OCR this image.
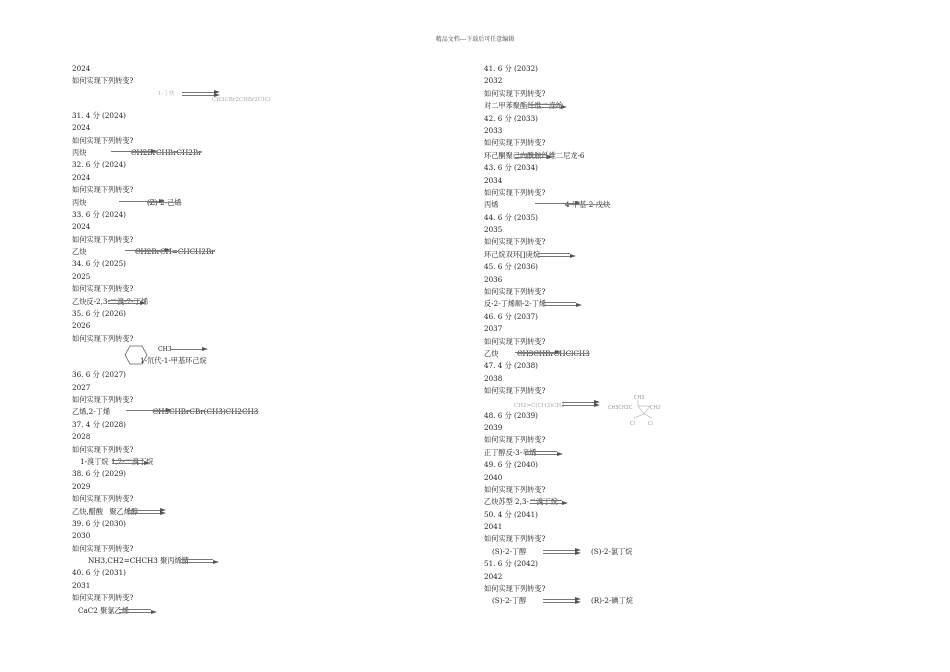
精品文档---下载后可任意编辑
2024
如何实现下列转变?
1-丁炔
CH3CBr2CHBr2CH3
31. 4 分 (2024)
2024
如何实现下列转变?
丙炔	CH2BrCHBrCH2Br
32. 6 分 (2024)
2024
如何实现下列转变?
丙炔	(Z)-2-己烯
33. 6 分 (2024)
2024
如何实现下列转变?
乙炔	CH2BrCH=CHCH2Br
34. 6 分 (2025)
2025
如何实现下列转变?
乙炔反-2,3-二溴-2-丁烯
35. 6 分 (2026)
2026
如何实现下列转变?
CH3
1-氘代-1-甲基环己烷
36. 6 分 (2027)
2027
如何实现下列转变?
乙烯,2-丁烯	CH3CHBrCBr(CH3)CH2CH3
37. 4 分 (2028)
2028
如何实现下列转变?
1-溴丁烷 1,2-二溴丁烷
38. 6 分 (2029)
2029
如何实现下列转变?
乙炔,醋酸 聚乙烯醇
39. 6 分 (2030)
2030
如何实现下列转变?
NH3,CH2=CHCH3 聚丙烯腈
40. 6 分 (2031)
2031
如何实现下列转变?
CaC2 聚氯乙烯
41. 6 分 (2032)
2032
如何实现下列转变?
对二甲苯聚酯纤维二涤纶
42. 6 分 (2033)
2033
如何实现下列转变?
环己酮聚己内酰胺纤维二尼龙-6
43. 6 分 (2034)
2034
如何实现下列转变?
丙烯	4-甲基-2-戊炔
44. 6 分 (2035)
2035
如何实现下列转变?
环己烷双环[]庚烷
45. 6 分 (2036)
2036
如何实现下列转变?
反-2-丁烯顺-2-丁烯
46. 6 分 (2037)
2037
如何实现下列转变?
乙炔	CH3CHBrCHClCH3
47. 4 分 (2038)
2038
如何实现下列转变?
CH2=C(CH3)CH3
CH3
CH3CH2C	CH2
Cl	Cl
48. 6 分 (2039)
2039
如何实现下列转变?
正丁醇反-3-辛烯
49. 6 分 (2040)
2040
如何实现下列转变?
乙炔苏型 2,3-二溴丁烷
50. 4 分 (2041)
2041
如何实现下列转变?
(S)-2-丁醇	(S)-2-氯丁烷
51. 6 分 (2042)
2042
如何实现下列转变?
(S)-2-丁醇	(R)-2-碘丁烷
